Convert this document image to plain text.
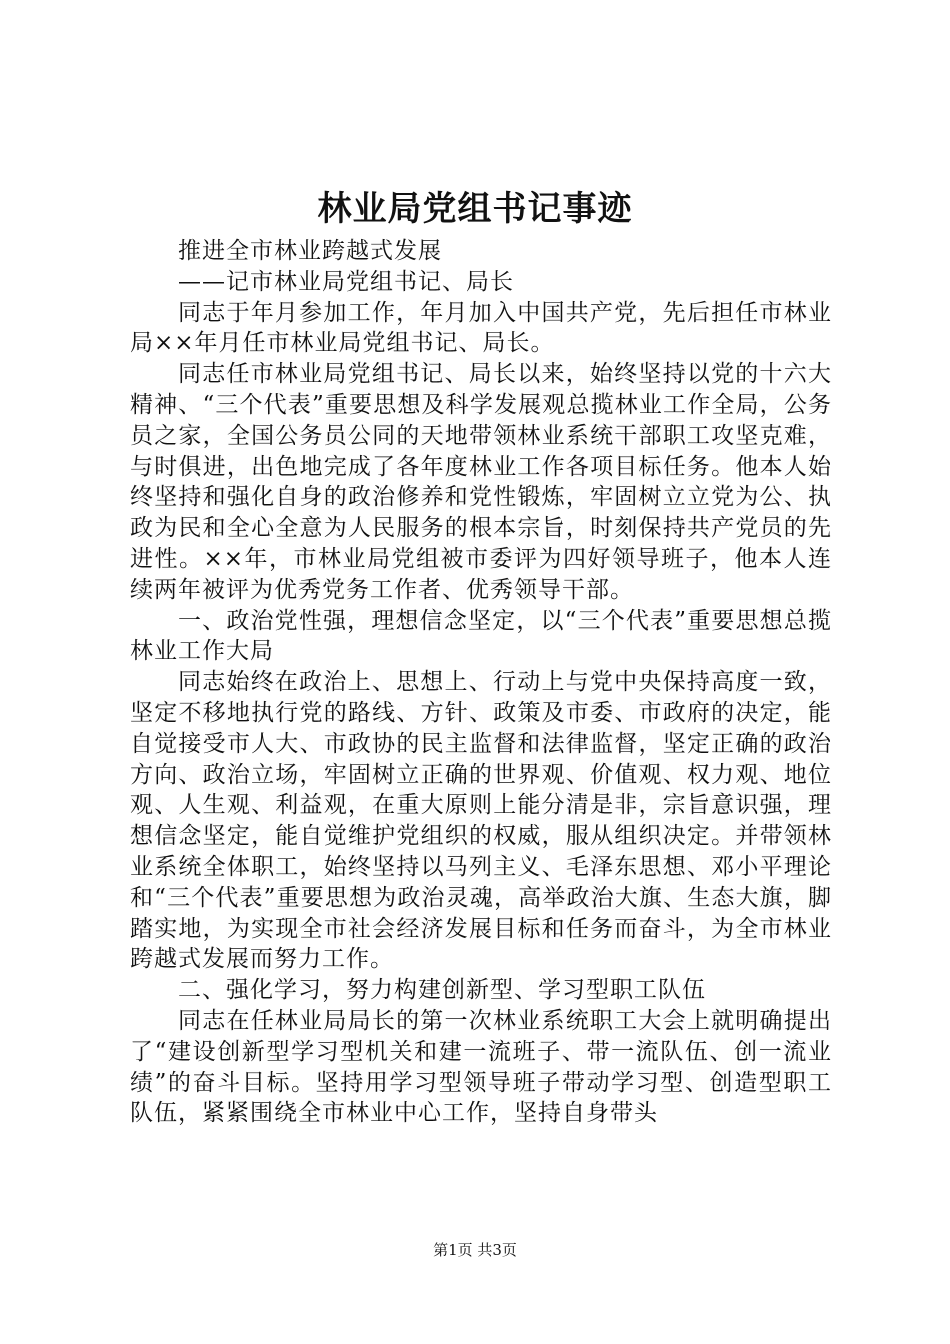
林业局党组书记事迹

推进全市林业跨越式发展

——记市林业局党组书记、局长

同志于年月参加工作，年月加入中国共产党，先后担任市林业局××年月任市林业局党组书记、局长。

同志任市林业局党组书记、局长以来，始终坚持以党的十六大精神、“三个代表”重要思想及科学发展观总揽林业工作全局，公务员之家，全国公务员公同的天地带领林业系统干部职工攻坚克难，与时俱进，出色地完成了各年度林业工作各项目标任务。他本人始终坚持和强化自身的政治修养和党性锻炼，牢固树立立党为公、执政为民和全心全意为人民服务的根本宗旨，时刻保持共产党员的先进性。××年，市林业局党组被市委评为四好领导班子，他本人连续两年被评为优秀党务工作者、优秀领导干部。

一、政治党性强，理想信念坚定，以“三个代表”重要思想总揽林业工作大局

同志始终在政治上、思想上、行动上与党中央保持高度一致，坚定不移地执行党的路线、方针、政策及市委、市政府的决定，能自觉接受市人大、市政协的民主监督和法律监督，坚定正确的政治方向、政治立场，牢固树立正确的世界观、价值观、权力观、地位观、人生观、利益观，在重大原则上能分清是非，宗旨意识强，理想信念坚定，能自觉维护党组织的权威，服从组织决定。并带领林业系统全体职工，始终坚持以马列主义、毛泽东思想、邓小平理论和“三个代表”重要思想为政治灵魂，高举政治大旗、生态大旗，脚踏实地，为实现全市社会经济发展目标和任务而奋斗，为全市林业跨越式发展而努力工作。

二、强化学习，努力构建创新型、学习型职工队伍

同志在任林业局局长的第一次林业系统职工大会上就明确提出了“建设创新型学习型机关和建一流班子、带一流队伍、创一流业绩”的奋斗目标。坚持用学习型领导班子带动学习型、创造型职工队伍，紧紧围绕全市林业中心工作，坚持自身带头

第1页 共3页
